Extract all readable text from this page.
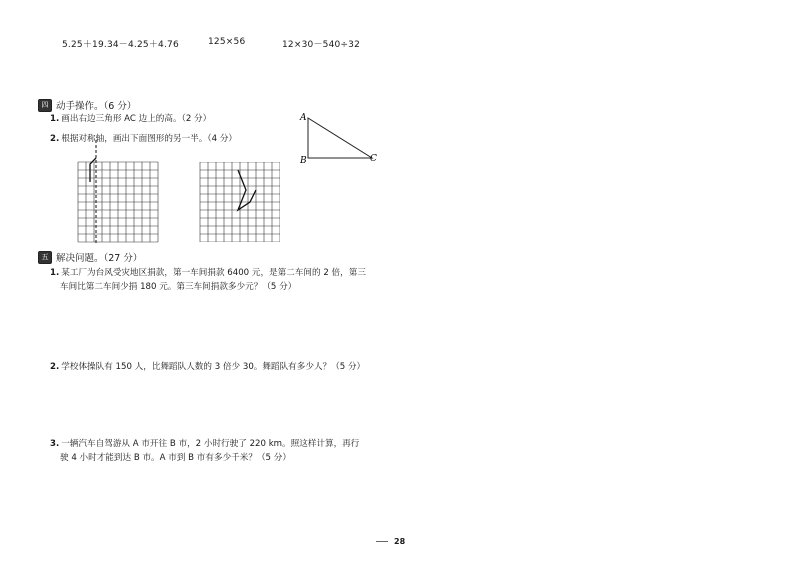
5.25＋19.34－4.25＋4.76	125×56	12×30－540÷32
四 动手操作。（6 分）
1. 画出右边三角形 AC 边上的高。（2 分）
2. 根据对称轴，画出下面图形的另一半。（4 分）
A
B	C
五 解决问题。（27 分）
1. 某工厂为台风受灾地区捐款，第一车间捐款 6400 元，是第二车间的 2 倍，第三
车间比第二车间少捐 180 元。第三车间捐款多少元？（5 分）
2. 学校体操队有 150 人，比舞蹈队人数的 3 倍少 30。舞蹈队有多少人？（5 分）
3. 一辆汽车自驾游从 A 市开往 B 市，2 小时行驶了 220 km。照这样计算，再行
驶 4 小时才能到达 B 市。A 市到 B 市有多少千米？（5 分）
28
